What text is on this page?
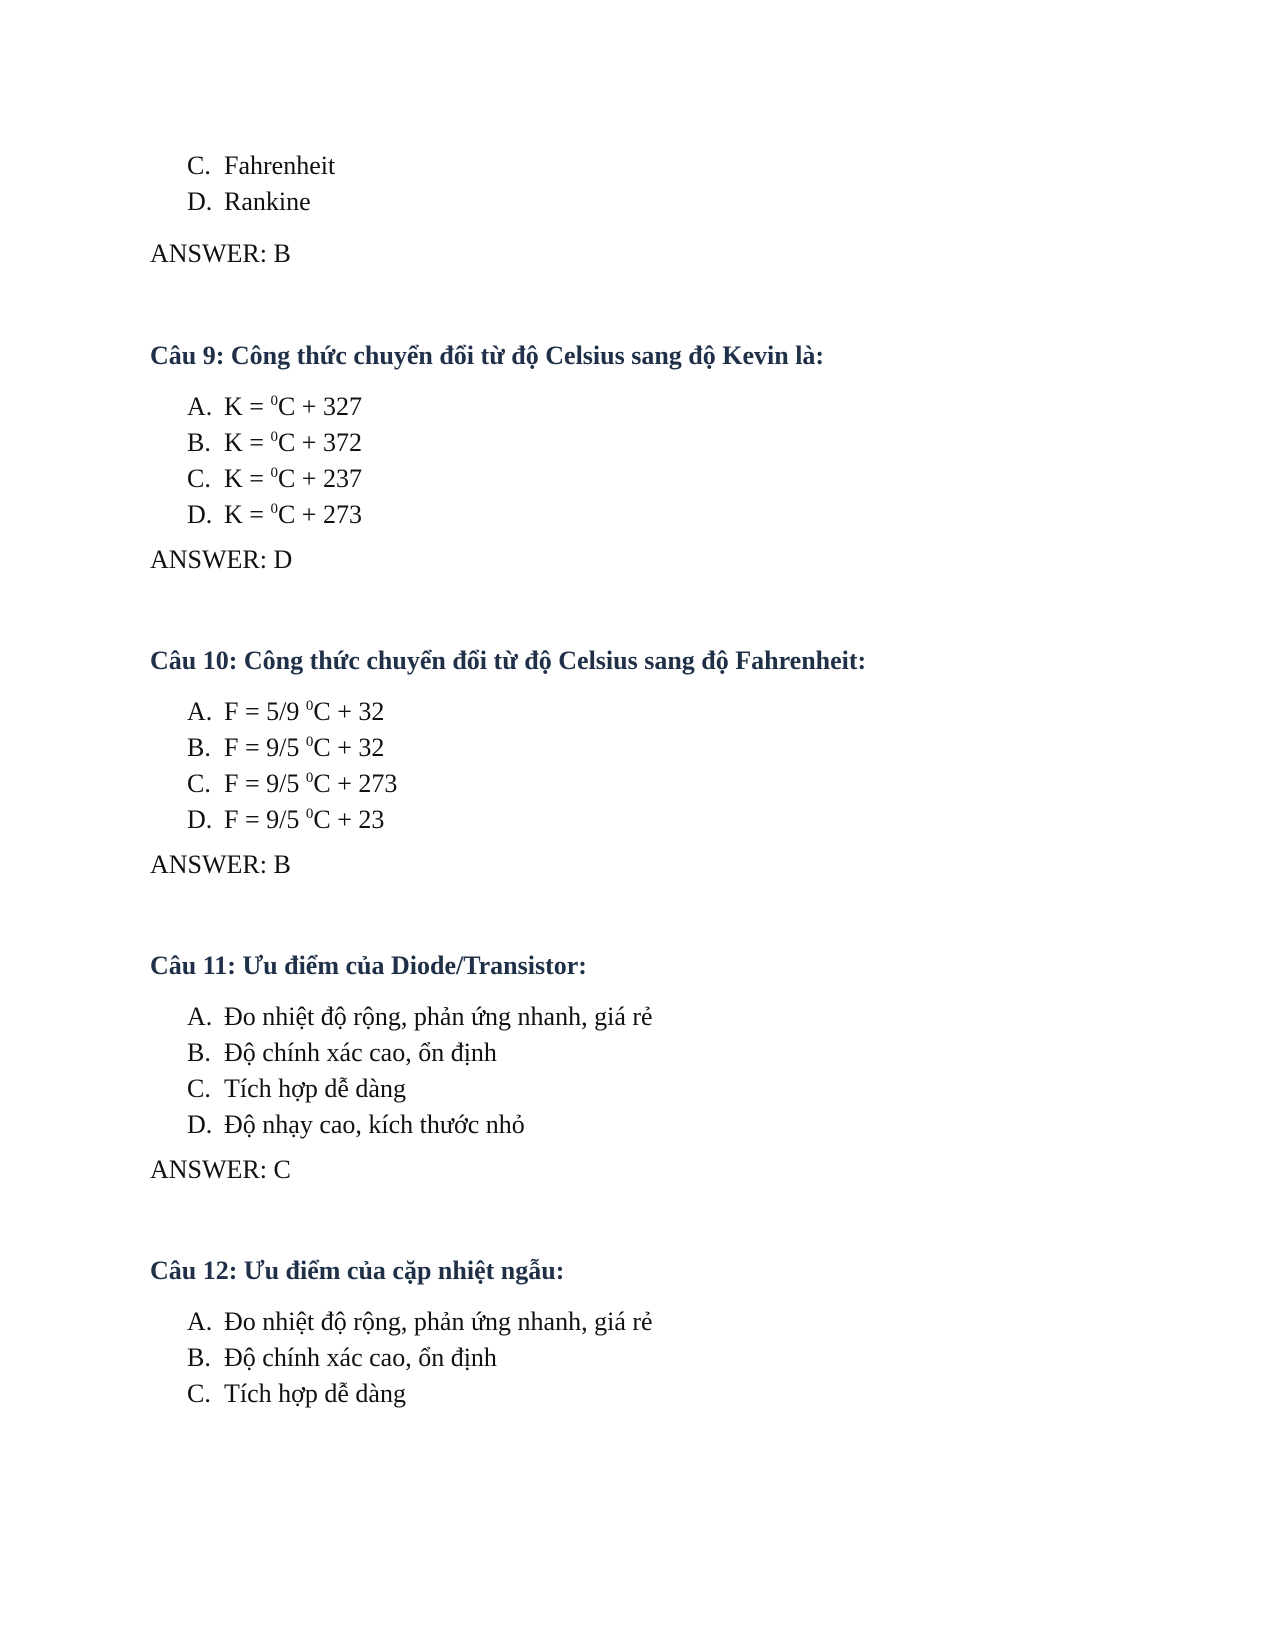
C. Fahrenheit
D. Rankine
ANSWER: B
Câu 9: Công thức chuyển đổi từ độ Celsius sang độ Kevin là:
A. K = $^0$C + 327
B. K = $^0$C + 372
C. K = $^0$C + 237
D. K = $^0$C + 273
ANSWER: D
Câu 10: Công thức chuyển đổi từ độ Celsius sang độ Fahrenheit:
A. F = 5/9 $^0$C + 32
B. F = 9/5 $^0$C + 32
C. F = 9/5 $^0$C + 273
D. F = 9/5 $^0$C + 23
ANSWER: B
Câu 11: Ưu điểm của Diode/Transistor:
A. Đo nhiệt độ rộng, phản ứng nhanh, giá rẻ
B. Độ chính xác cao, ổn định
C. Tích hợp dễ dàng
D. Độ nhạy cao, kích thước nhỏ
ANSWER: C
Câu 12: Ưu điểm của cặp nhiệt ngẫu:
A. Đo nhiệt độ rộng, phản ứng nhanh, giá rẻ
B. Độ chính xác cao, ổn định
C. Tích hợp dễ dàng
